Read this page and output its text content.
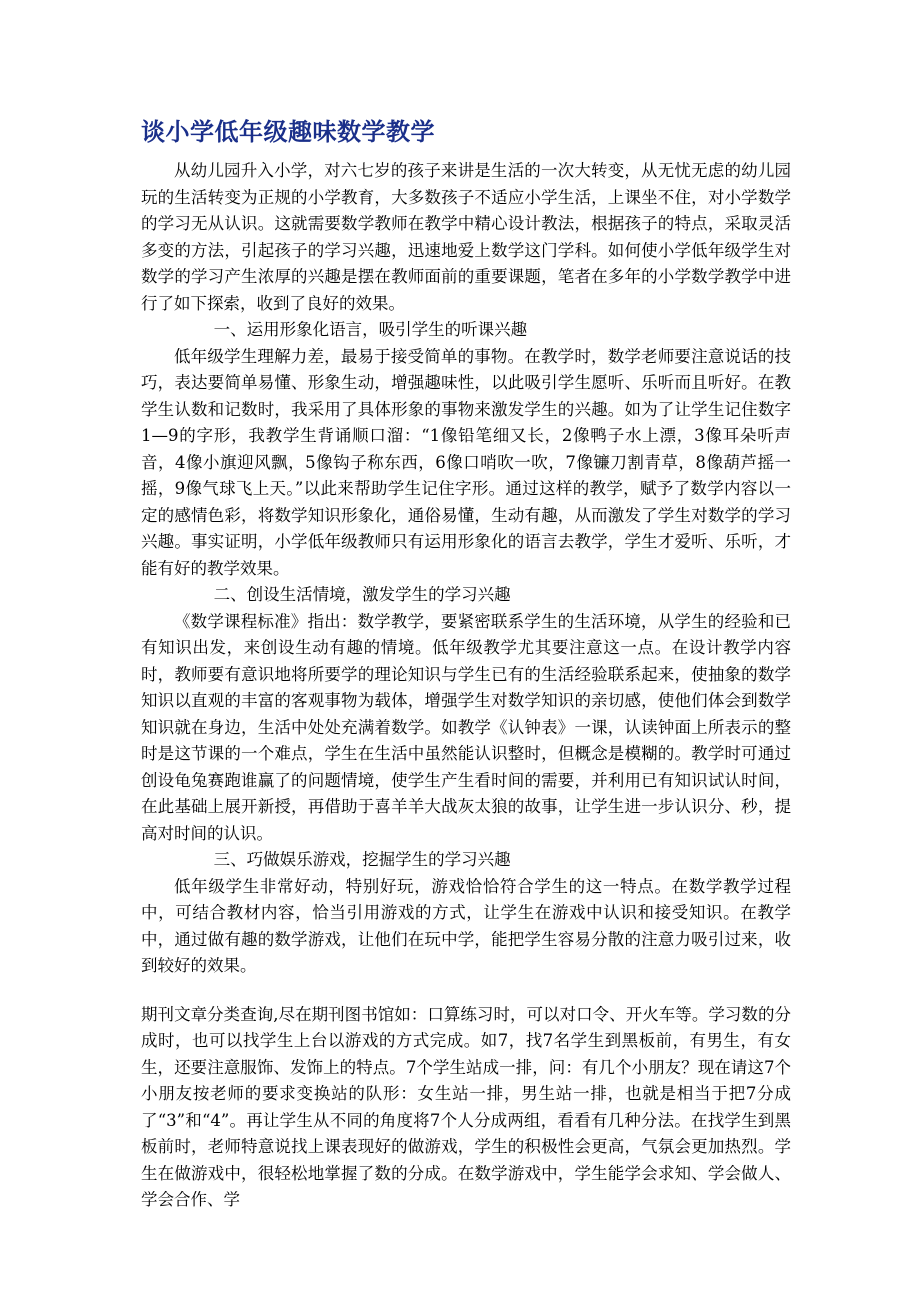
谈小学低年级趣味数学教学

从幼儿园升入小学，对六七岁的孩子来讲是生活的一次大转变，从无忧无虑的幼儿园玩的生活转变为正规的小学教育，大多数孩子不适应小学生活，上课坐不住，对小学数学的学习无从认识。这就需要数学教师在教学中精心设计教法，根据孩子的特点，采取灵活多变的方法，引起孩子的学习兴趣，迅速地爱上数学这门学科。如何使小学低年级学生对数学的学习产生浓厚的兴趣是摆在教师面前的重要课题，笔者在多年的小学数学教学中进行了如下探索，收到了良好的效果。

一、运用形象化语言，吸引学生的听课兴趣

低年级学生理解力差，最易于接受简单的事物。在教学时，数学老师要注意说话的技巧，表达要简单易懂、形象生动，增强趣味性，以此吸引学生愿听、乐听而且听好。在教学生认数和记数时，我采用了具体形象的事物来激发学生的兴趣。如为了让学生记住数字1—9的字形，我教学生背诵顺口溜：“1像铅笔细又长，2像鸭子水上漂，3像耳朵听声音，4像小旗迎风飘，5像钩子称东西，6像口哨吹一吹，7像镰刀割青草，8像葫芦摇一摇，9像气球飞上天。”以此来帮助学生记住字形。通过这样的教学，赋予了数学内容以一定的感情色彩，将数学知识形象化，通俗易懂，生动有趣，从而激发了学生对数学的学习兴趣。事实证明，小学低年级教师只有运用形象化的语言去教学，学生才爱听、乐听，才能有好的教学效果。

二、创设生活情境，激发学生的学习兴趣

《数学课程标准》指出：数学教学，要紧密联系学生的生活环境，从学生的经验和已有知识出发，来创设生动有趣的情境。低年级教学尤其要注意这一点。在设计教学内容时，教师要有意识地将所要学的理论知识与学生已有的生活经验联系起来，使抽象的数学知识以直观的丰富的客观事物为载体，增强学生对数学知识的亲切感，使他们体会到数学知识就在身边，生活中处处充满着数学。如教学《认钟表》一课，认读钟面上所表示的整时是这节课的一个难点，学生在生活中虽然能认识整时，但概念是模糊的。教学时可通过创设龟兔赛跑谁赢了的问题情境，使学生产生看时间的需要，并利用已有知识试认时间，在此基础上展开新授，再借助于喜羊羊大战灰太狼的故事，让学生进一步认识分、秒，提高对时间的认识。

三、巧做娱乐游戏，挖掘学生的学习兴趣

低年级学生非常好动，特别好玩，游戏恰恰符合学生的这一特点。在数学教学过程中，可结合教材内容，恰当引用游戏的方式，让学生在游戏中认识和接受知识。在教学中，通过做有趣的数学游戏，让他们在玩中学，能把学生容易分散的注意力吸引过来，收到较好的效果。

期刊文章分类查询,尽在期刊图书馆如：口算练习时，可以对口令、开火车等。学习数的分成时，也可以找学生上台以游戏的方式完成。如7，找7名学生到黑板前，有男生，有女生，还要注意服饰、发饰上的特点。7个学生站成一排，问：有几个小朋友？现在请这7个小朋友按老师的要求变换站的队形：女生站一排，男生站一排，也就是相当于把7分成了“3”和“4”。再让学生从不同的角度将7个人分成两组，看看有几种分法。在找学生到黑板前时，老师特意说找上课表现好的做游戏，学生的积极性会更高，气氛会更加热烈。学生在做游戏中，很轻松地掌握了数的分成。在数学游戏中，学生能学会求知、学会做人、学会合作、学
